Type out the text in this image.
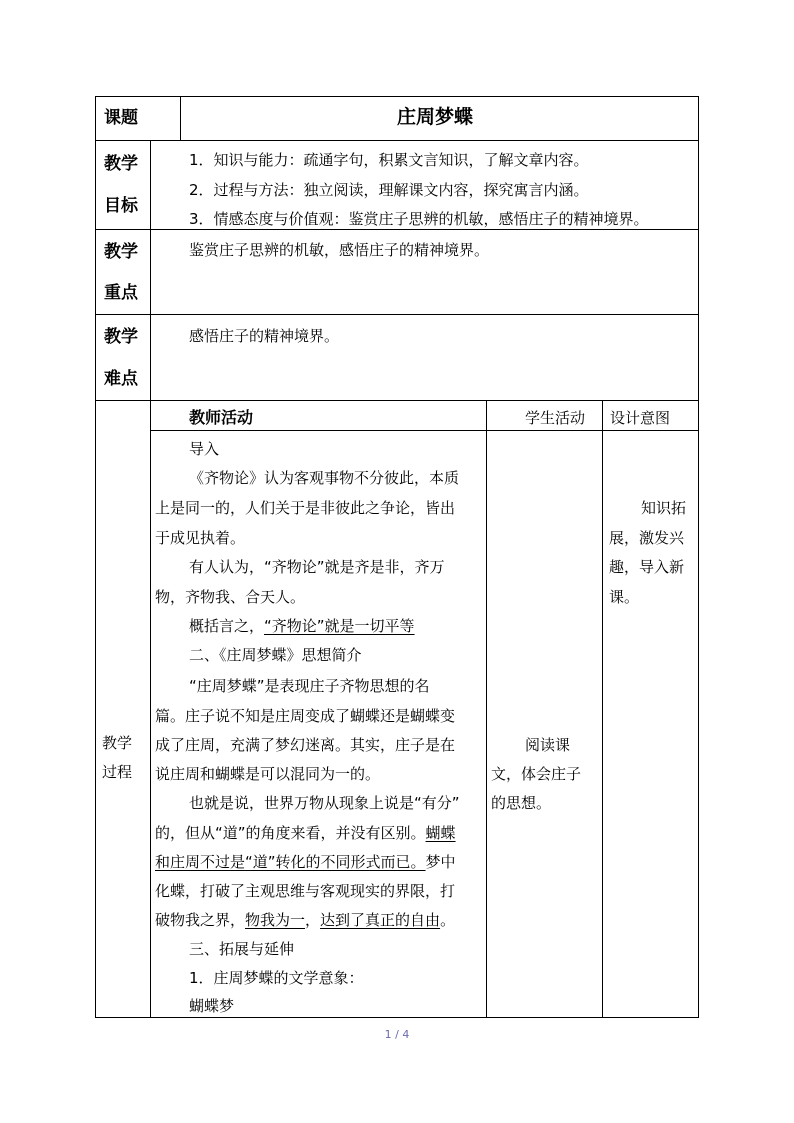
课题	庄周梦蝶
教学
目标
1．知识与能力：疏通字句，积累文言知识，了解文章内容。
2．过程与方法：独立阅读，理解课文内容，探究寓言内涵。
3．情感态度与价值观：鉴赏庄子思辨的机敏，感悟庄子的精神境界。
教学
重点
鉴赏庄子思辨的机敏，感悟庄子的精神境界。
教学
难点
感悟庄子的精神境界。
教学
过程
教师活动	学生活动 设计意图
导入
《齐物论》认为客观事物不分彼此，本质
上是同一的，人们关于是非彼此之争论，皆出
于成见执着。
有人认为，“齐物论”就是齐是非，齐万
物，齐物我、合天人。
概括言之，“齐物论”就是一切平等
二、《庄周梦蝶》思想简介
“庄周梦蝶”是表现庄子齐物思想的名
篇。庄子说不知是庄周变成了蝴蝶还是蝴蝶变
成了庄周，充满了梦幻迷离。其实，庄子是在
说庄周和蝴蝶是可以混同为一的。
也就是说，世界万物从现象上说是“有分”
的，但从“道”的角度来看，并没有区别。蝴蝶
和庄周不过是“道”转化的不同形式而已。梦中
化蝶，打破了主观思维与客观现实的界限，打
破物我之界，物我为一，达到了真正的自由。
三、拓展与延伸
1．庄周梦蝶的文学意象：
蝴蝶梦
阅读课
文，体会庄子
的思想。
知识拓
展，激发兴
趣，导入新
课。
1 / 4
